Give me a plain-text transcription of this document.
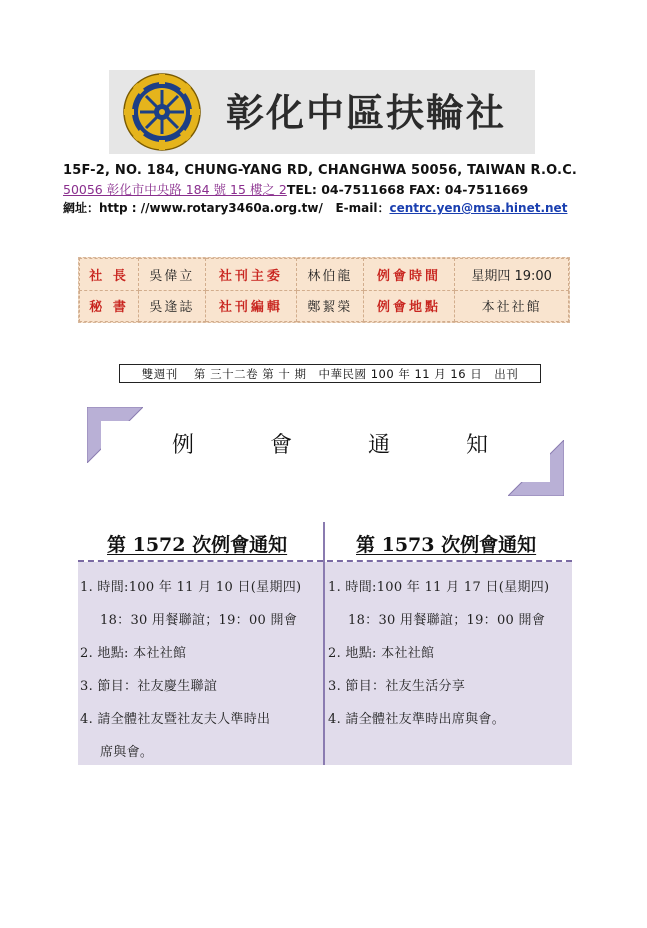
彰化中區扶輪社
15F-2, NO. 184, CHUNG-YANG RD, CHANGHWA 50056, TAIWAN R.O.C.
50056 彰化市中央路 184 號 15 樓之 2TEL: 04-7511668 FAX: 04-7511669
網址：http : //www.rotary3460a.org.tw/ E-mail：centrc.yen@msa.hinet.net
社 長	吳偉立	社刊主委	林伯龍	例會時間	星期四 19:00
秘 書	吳逢誌	社刊編輯	鄭絜榮	例會地點	本社社館
雙週刊　 第 三十二卷 第 十 期　中華民國 100 年 11 月 16 日　出刊
例	會	通	知
第 1572 次例會通知	第 1573 次例會通知
1. 時間:100 年 11 月 10 日(星期四)
18：30 用餐聯誼；19：00 開會
2. 地點: 本社社館
3. 節目：社友慶生聯誼
4. 請全體社友暨社友夫人準時出
席與會。
1. 時間:100 年 11 月 17 日(星期四)
18：30 用餐聯誼；19：00 開會
2. 地點: 本社社館
3. 節目：社友生活分享
4. 請全體社友準時出席與會。
